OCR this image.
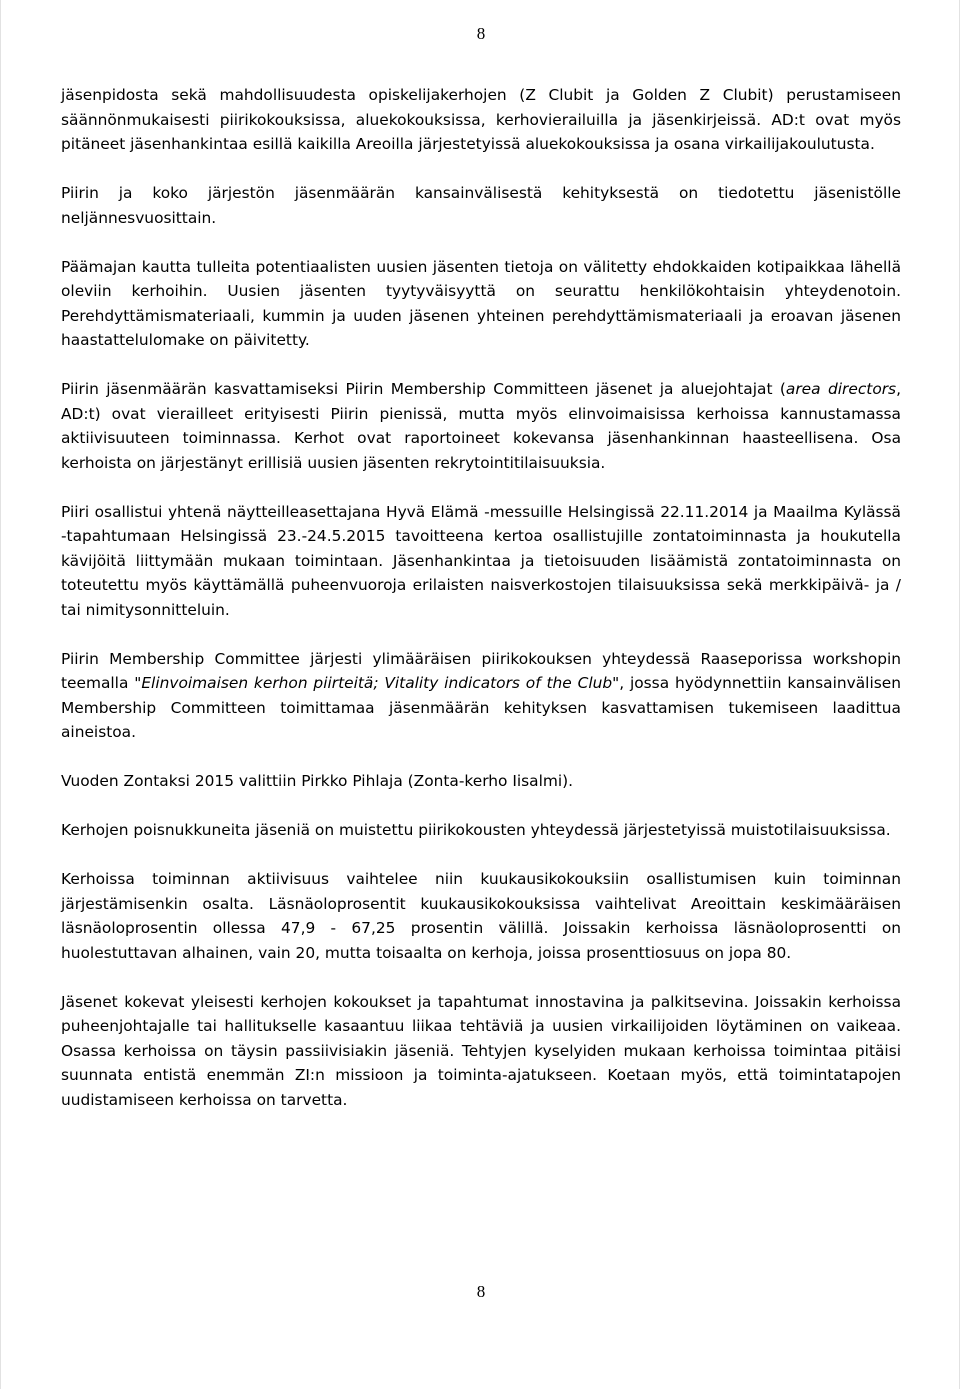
8

jäsenpidosta sekä mahdollisuudesta opiskelijakerhojen (Z Clubit ja Golden Z Clubit) perustamiseen säännönmukaisesti piirikokouksissa, aluekokouksissa, kerhovierailuilla ja jäsenkirjeissä. AD:t ovat myös pitäneet jäsenhankintaa esillä kaikilla Areoilla järjestetyissä aluekokouksissa ja osana virkailijakoulutusta.

Piirin ja koko järjestön jäsenmäärän kansainvälisestä kehityksestä on tiedotettu jäsenistölle neljännesvuosittain.

Päämajan kautta tulleita potentiaalisten uusien jäsenten tietoja on välitetty ehdokkaiden kotipaikkaa lähellä oleviin kerhoihin. Uusien jäsenten tyytyväisyyttä on seurattu henkilökohtaisin yhteydenotoin. Perehdyttämismateriaali, kummin ja uuden jäsenen yhteinen perehdyttämismateriaali ja eroavan jäsenen haastattelulomake on päivitetty.

Piirin jäsenmäärän kasvattamiseksi Piirin Membership Committeen jäsenet ja aluejohtajat (area directors, AD:t) ovat vierailleet erityisesti Piirin pienissä, mutta myös elinvoimaisissa kerhoissa kannustamassa aktiivisuuteen toiminnassa. Kerhot ovat raportoineet kokevansa jäsenhankinnan haasteellisena. Osa kerhoista on järjestänyt erillisiä uusien jäsenten rekrytointitilaisuuksia.

Piiri osallistui yhtenä näytteilleasettajana Hyvä Elämä -messuille Helsingissä 22.11.2014 ja Maailma Kylässä -tapahtumaan Helsingissä 23.-24.5.2015 tavoitteena kertoa osallistujille zontatoiminnasta ja houkutella kävijöitä liittymään mukaan toimintaan. Jäsenhankintaa ja tietoisuuden lisäämistä zontatoiminnasta on toteutettu myös käyttämällä puheenvuoroja erilaisten naisverkostojen tilaisuuksissa sekä merkkipäivä- ja / tai nimitysonnitteluin.

Piirin Membership Committee järjesti ylimääräisen piirikokouksen yhteydessä Raaseporissa workshopin teemalla "Elinvoimaisen kerhon piirteitä; Vitality indicators of the Club", jossa hyödynnettiin kansainvälisen Membership Committeen toimittamaa jäsenmäärän kehityksen kasvattamisen tukemiseen laadittua aineistoa.

Vuoden Zontaksi 2015 valittiin Pirkko Pihlaja (Zonta-kerho Iisalmi).

Kerhojen poisnukkuneita jäseniä on muistettu piirikokousten yhteydessä järjestetyissä muistotilaisuuksissa.

Kerhoissa toiminnan aktiivisuus vaihtelee niin kuukausikokouksiin osallistumisen kuin toiminnan järjestämisenkin osalta. Läsnäoloprosentit kuukausikokouksissa vaihtelivat Areoittain keskimääräisen läsnäoloprosentin ollessa 47,9 - 67,25 prosentin välillä. Joissakin kerhoissa läsnäoloprosentti on huolestuttavan alhainen, vain 20, mutta toisaalta on kerhoja, joissa prosenttiosuus on jopa 80.

Jäsenet kokevat yleisesti kerhojen kokoukset ja tapahtumat innostavina ja palkitsevina. Joissakin kerhoissa puheenjohtajalle tai hallitukselle kasaantuu liikaa tehtäviä ja uusien virkailijoiden löytäminen on vaikeaa. Osassa kerhoissa on täysin passiivisiakin jäseniä. Tehtyjen kyselyiden mukaan kerhoissa toimintaa pitäisi suunnata entistä enemmän ZI:n missioon ja toiminta-ajatukseen. Koetaan myös, että toimintatapojen uudistamiseen kerhoissa on tarvetta.

8
